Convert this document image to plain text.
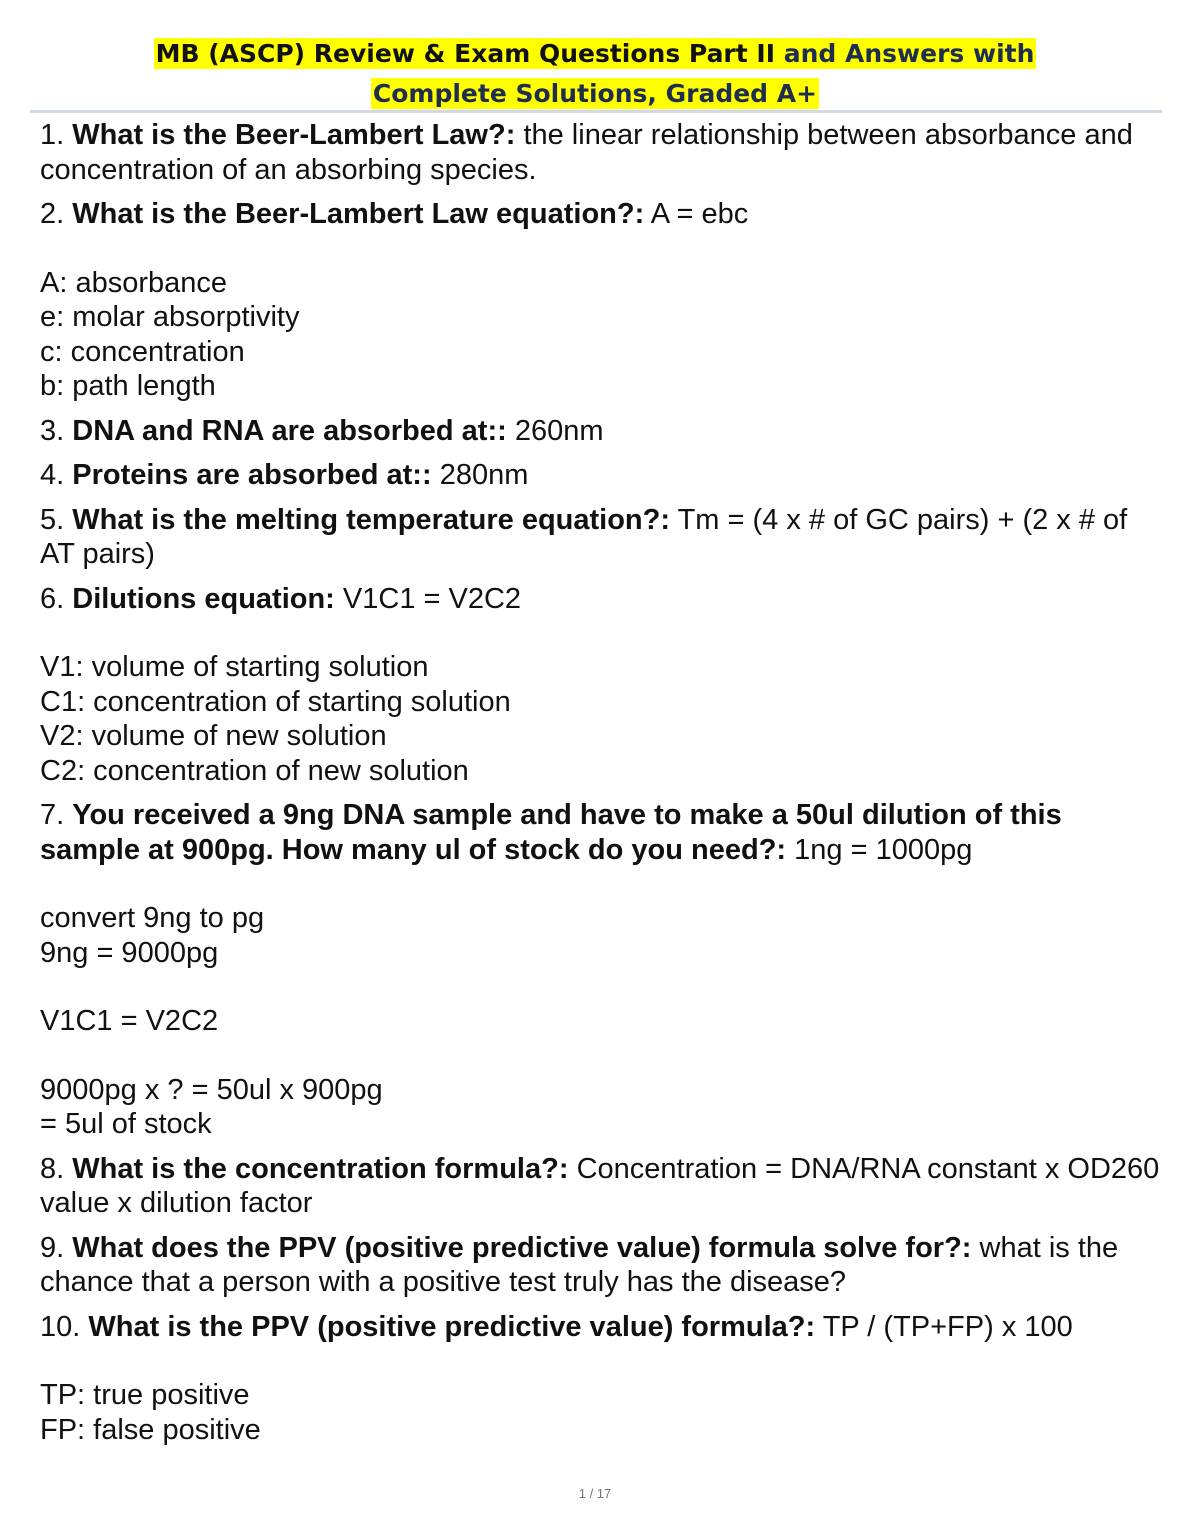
MB (ASCP) Review & Exam Questions Part II and Answers with
Complete Solutions, Graded A+
1. What is the Beer-Lambert Law?: the linear relationship between absorbance and concentration of an absorbing species.
2. What is the Beer-Lambert Law equation?: A = ebc
A: absorbance
e: molar absorptivity
c: concentration
b: path length
3. DNA and RNA are absorbed at:: 260nm
4. Proteins are absorbed at:: 280nm
5. What is the melting temperature equation?: Tm = (4 x # of GC pairs) + (2 x # of AT pairs)
6. Dilutions equation: V1C1 = V2C2
V1: volume of starting solution
C1: concentration of starting solution
V2: volume of new solution
C2: concentration of new solution
7. You received a 9ng DNA sample and have to make a 50ul dilution of this sample at 900pg. How many ul of stock do you need?: 1ng = 1000pg
convert 9ng to pg
9ng = 9000pg
V1C1 = V2C2
9000pg x ? = 50ul x 900pg
= 5ul of stock
8. What is the concentration formula?: Concentration = DNA/RNA constant x OD260 value x dilution factor
9. What does the PPV (positive predictive value) formula solve for?: what is the chance that a person with a positive test truly has the disease?
10. What is the PPV (positive predictive value) formula?: TP / (TP+FP) x 100
TP: true positive
FP: false positive
1 / 17
